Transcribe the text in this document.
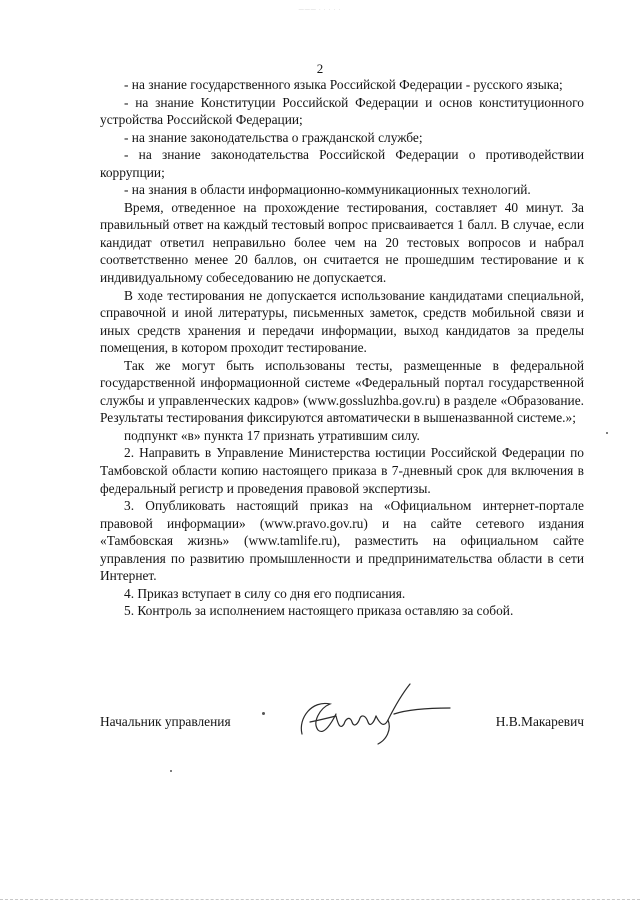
——— · · · · ·
2

- на знание государственного языка Российской Федерации - русского языка;

- на знание Конституции Российской Федерации и основ конституционного устройства Российской Федерации;

- на знание законодательства о гражданской службе;

- на знание законодательства Российской Федерации о противодействии коррупции;

- на знания в области информационно-коммуникационных технологий.

Время, отведенное на прохождение тестирования, составляет 40 минут. За правильный ответ на каждый тестовый вопрос присваивается 1 балл. В случае, если кандидат ответил неправильно более чем на 20 тестовых вопросов и набрал соответственно менее 20 баллов, он считается не прошедшим тестирование и к индивидуальному собеседованию не допускается.

В ходе тестирования не допускается использование кандидатами специальной, справочной и иной литературы, письменных заметок, средств мобильной связи и иных средств хранения и передачи информации, выход кандидатов за пределы помещения, в котором проходит тестирование.

Так же могут быть использованы тесты, размещенные в федеральной государственной информационной системе «Федеральный портал государственной службы и управленческих кадров» (www.gossluzhba.gov.ru) в разделе «Образование. Результаты тестирования фиксируются автоматически в вышеназванной системе.»;

подпункт «в» пункта 17 признать утратившим силу.

2. Направить в Управление Министерства юстиции Российской Федерации по Тамбовской области копию настоящего приказа в 7-дневный срок для включения в федеральный регистр и проведения правовой экспертизы.

3. Опубликовать настоящий приказ на «Официальном интернет-портале правовой информации» (www.pravo.gov.ru) и на сайте сетевого издания «Тамбовская жизнь» (www.tamlife.ru), разместить на официальном сайте управления по развитию промышленности и предпринимательства области в сети Интернет.

4. Приказ вступает в силу со дня его подписания.

5. Контроль за исполнением настоящего приказа оставляю за собой.

Начальник управления	Н.В.Макаревич
